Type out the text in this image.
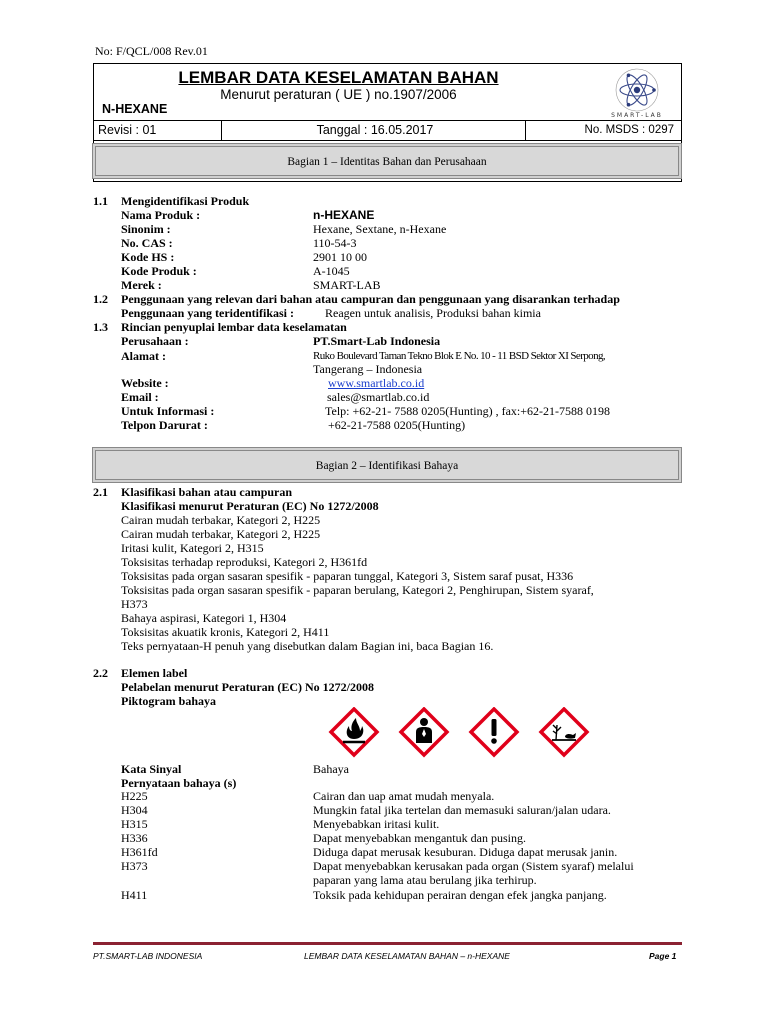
No: F/QCL/008 Rev.01
LEMBAR DATA KESELAMATAN BAHAN
Menurut peraturan ( UE ) no.1907/2006
N-HEXANE	SMART-LAB
Revisi : 01	Tanggal : 16.05.2017	No. MSDS : 0297
Bagian 1 – Identitas Bahan dan Perusahaan
1.1 Mengidentifikasi Produk
Nama Produk :	n-HEXANE
Sinonim :	Hexane, Sextane, n-Hexane
No. CAS :	110-54-3
Kode HS :	2901 10 00
Kode Produk :	A-1045
Merek :	SMART-LAB
1.2 Penggunaan yang relevan dari bahan atau campuran dan penggunaan yang disarankan terhadap
Penggunaan yang teridentifikasi :	Reagen untuk analisis, Produksi bahan kimia
1.3 Rincian penyuplai lembar data keselamatan
Perusahaan :	PT.Smart-Lab Indonesia
Alamat :	Ruko Boulevard Taman Tekno Blok E No. 10 - 11 BSD Sektor XI Serpong,
Tangerang – Indonesia
Website :	www.smartlab.co.id
Email :	sales@smartlab.co.id
Untuk Informasi :	Telp: +62-21- 7588 0205(Hunting) , fax:+62-21-7588 0198
Telpon Darurat :	+62-21-7588 0205(Hunting)
Bagian 2 – Identifikasi Bahaya
2.1 Klasifikasi bahan atau campuran
Klasifikasi menurut Peraturan (EC) No 1272/2008
Cairan mudah terbakar, Kategori 2, H225
Cairan mudah terbakar, Kategori 2, H225
Iritasi kulit, Kategori 2, H315
Toksisitas terhadap reproduksi, Kategori 2, H361fd
Toksisitas pada organ sasaran spesifik - paparan tunggal, Kategori 3, Sistem saraf pusat, H336
Toksisitas pada organ sasaran spesifik - paparan berulang, Kategori 2, Penghirupan, Sistem syaraf,
H373
Bahaya aspirasi, Kategori 1, H304
Toksisitas akuatik kronis, Kategori 2, H411
Teks pernyataan-H penuh yang disebutkan dalam Bagian ini, baca Bagian 16.
2.2 Elemen label
Pelabelan menurut Peraturan (EC) No 1272/2008
Piktogram bahaya
Kata Sinyal	Bahaya
Pernyataan bahaya (s)
H225	Cairan dan uap amat mudah menyala.
H304	Mungkin fatal jika tertelan dan memasuki saluran/jalan udara.
H315	Menyebabkan iritasi kulit.
H336	Dapat menyebabkan mengantuk dan pusing.
H361fd	Diduga dapat merusak kesuburan. Diduga dapat merusak janin.
H373	Dapat menyebabkan kerusakan pada organ (Sistem syaraf) melalui
paparan yang lama atau berulang jika terhirup.
H411	Toksik pada kehidupan perairan dengan efek jangka panjang.
PT.SMART-LAB INDONESIA	LEMBAR DATA KESELAMATAN BAHAN – n-HEXANE	Page 1
